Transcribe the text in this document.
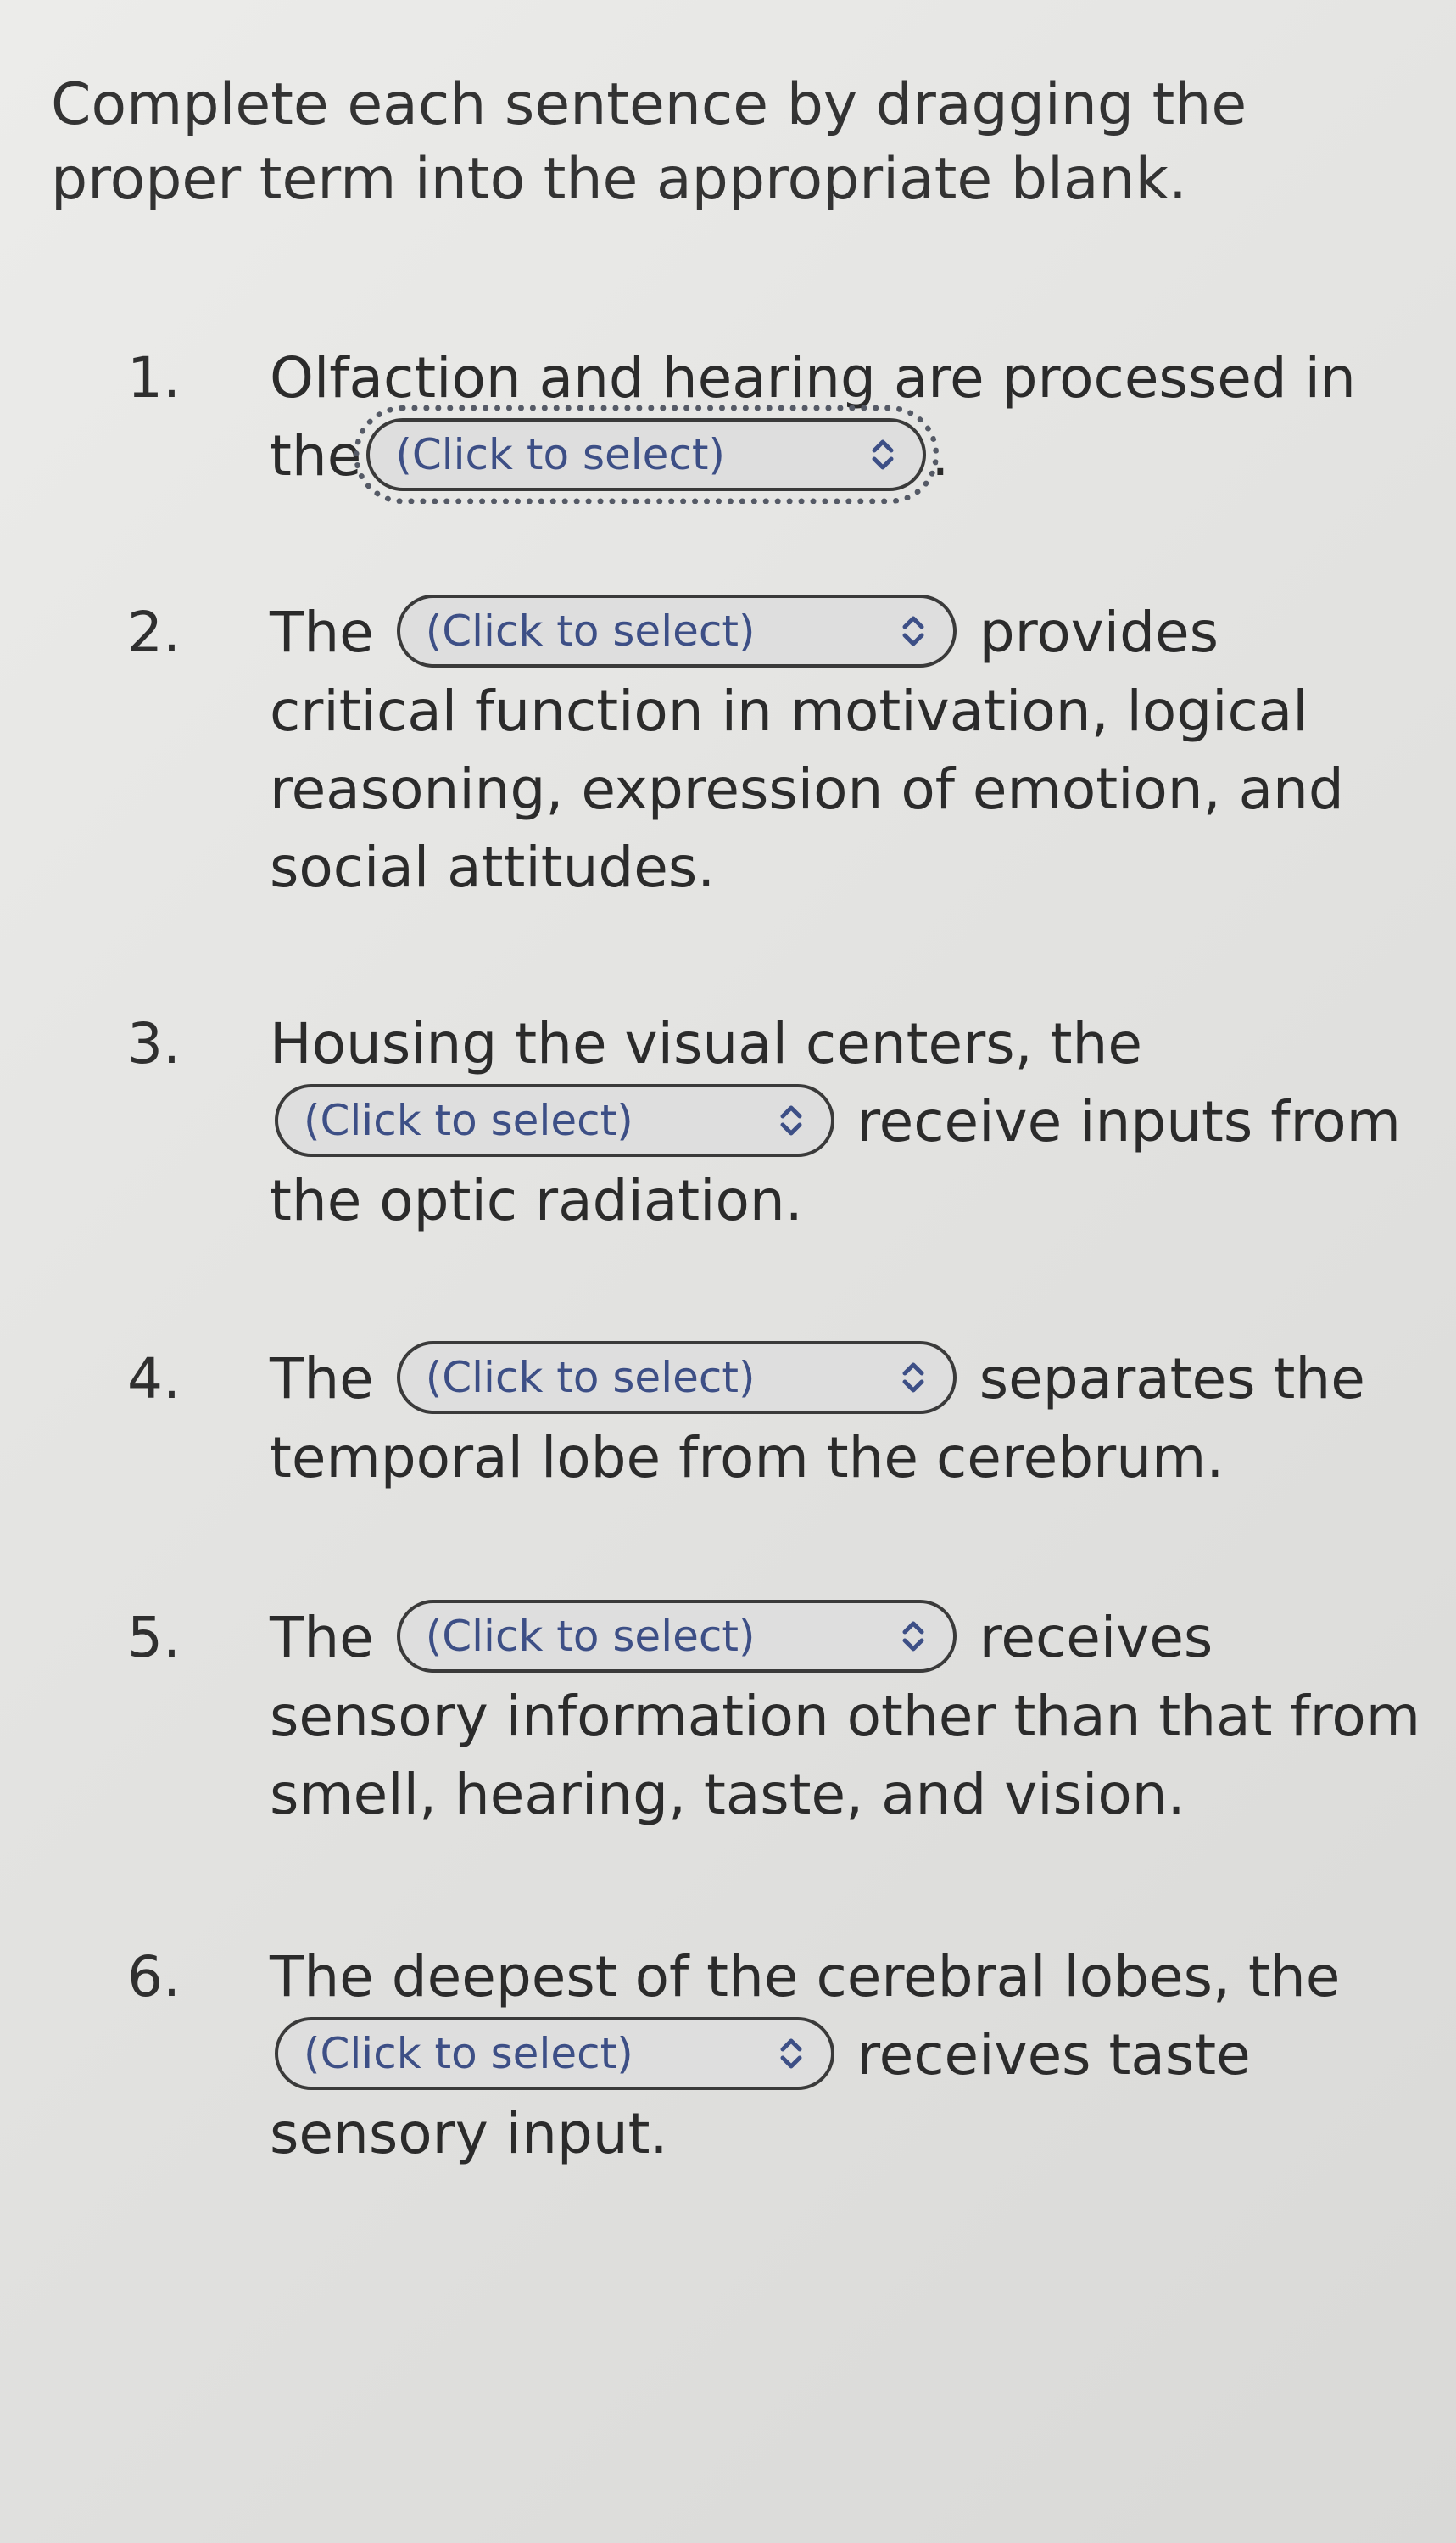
Complete each sentence by dragging the proper term into the appropriate blank.

1. Olfaction and hearing are processed in the (Click to select)	.
2. The (Click to select)	provides critical function in motivation, logical reasoning, expression of emotion, and social attitudes.
3. Housing the visual centers, the
(Click to select)	receive inputs from the optic radiation.
4. The (Click to select)	separates the temporal lobe from the cerebrum.
5. The (Click to select)	receives sensory information other than that from smell, hearing, taste, and vision.
6. The deepest of the cerebral lobes, the
(Click to select)	receives taste sensory input.
